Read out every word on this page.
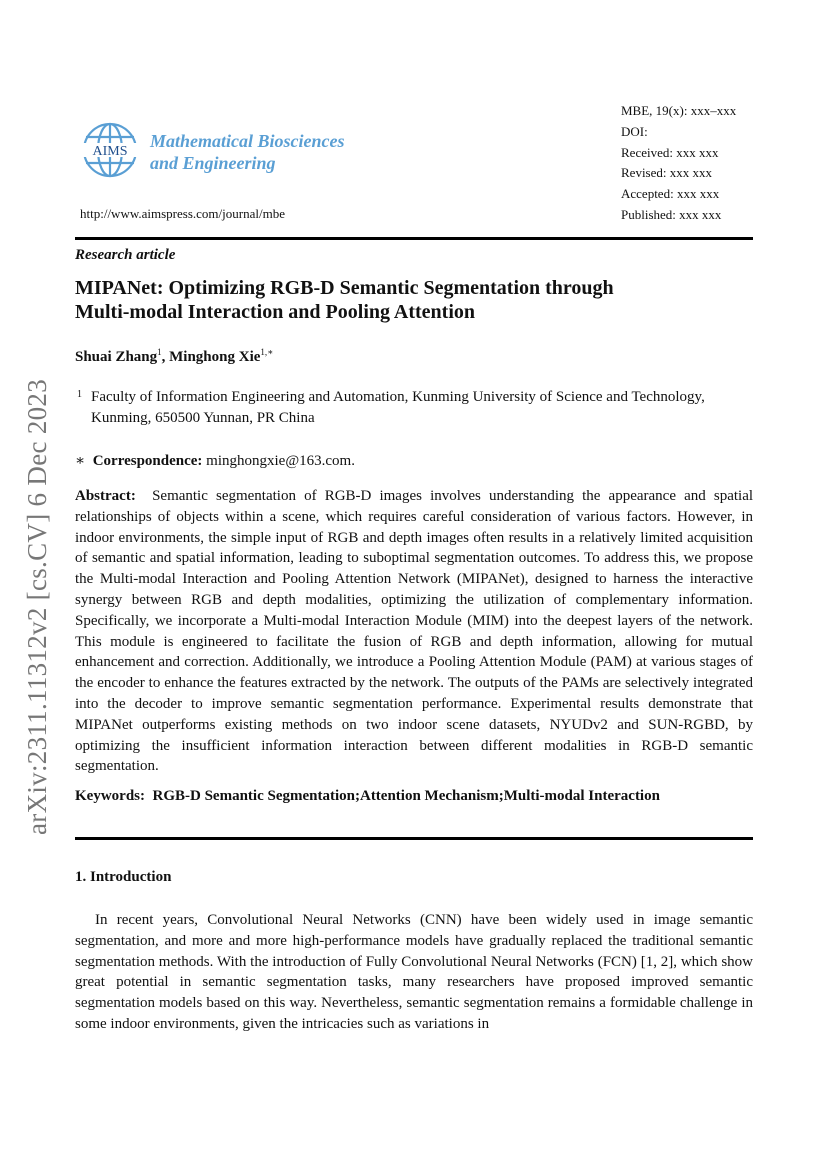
arXiv:2311.11312v2 [cs.CV] 6 Dec 2023
AIMS
Mathematical Biosciences
and Engineering
http://www.aimspress.com/journal/mbe
MBE, 19(x): xxx–xxx
DOI:
Received: xxx xxx
Revised: xxx xxx
Accepted: xxx xxx
Published: xxx xxx
Research article
MIPANet: Optimizing RGB-D Semantic Segmentation through
Multi-modal Interaction and Pooling Attention
Shuai Zhang$^1$, Minghong Xie$^{1,∗}$
1 Faculty of Information Engineering and Automation, Kunming University of Science and Technology, Kunming, 650500 Yunnan, PR China
∗ Correspondence: minghongxie@163.com.
Abstract: Semantic segmentation of RGB-D images involves understanding the appearance and spatial relationships of objects within a scene, which requires careful consideration of various factors. However, in indoor environments, the simple input of RGB and depth images often results in a relatively limited acquisition of semantic and spatial information, leading to suboptimal segmentation outcomes. To address this, we propose the Multi-modal Interaction and Pooling Attention Network (MIPANet), designed to harness the interactive synergy between RGB and depth modalities, optimizing the utilization of complementary information. Specifically, we incorporate a Multi-modal Interaction Module (MIM) into the deepest layers of the network. This module is engineered to facilitate the fusion of RGB and depth information, allowing for mutual enhancement and correction. Additionally, we introduce a Pooling Attention Module (PAM) at various stages of the encoder to enhance the features extracted by the network. The outputs of the PAMs are selectively integrated into the decoder to improve semantic segmentation performance. Experimental results demonstrate that MIPANet outperforms existing methods on two indoor scene datasets, NYUDv2 and SUN-RGBD, by optimizing the insufficient information interaction between different modalities in RGB-D semantic segmentation.
Keywords: RGB-D Semantic Segmentation;Attention Mechanism;Multi-modal Interaction
1. Introduction
In recent years, Convolutional Neural Networks (CNN) have been widely used in image semantic segmentation, and more and more high-performance models have gradually replaced the traditional semantic segmentation methods. With the introduction of Fully Convolutional Neural Networks (FCN) [1, 2], which show great potential in semantic segmentation tasks, many researchers have proposed improved semantic segmentation models based on this way. Nevertheless, semantic segmentation remains a formidable challenge in some indoor environments, given the intricacies such as variations in
